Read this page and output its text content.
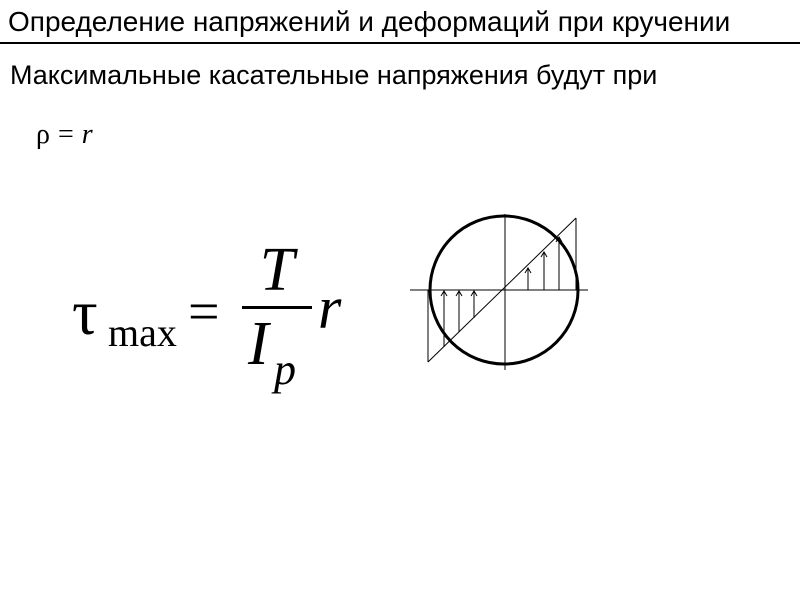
Определение напряжений и деформаций при кручении
Максимальные касательные напряжения будут при
ρ = r
τ max =
T
I p
r
